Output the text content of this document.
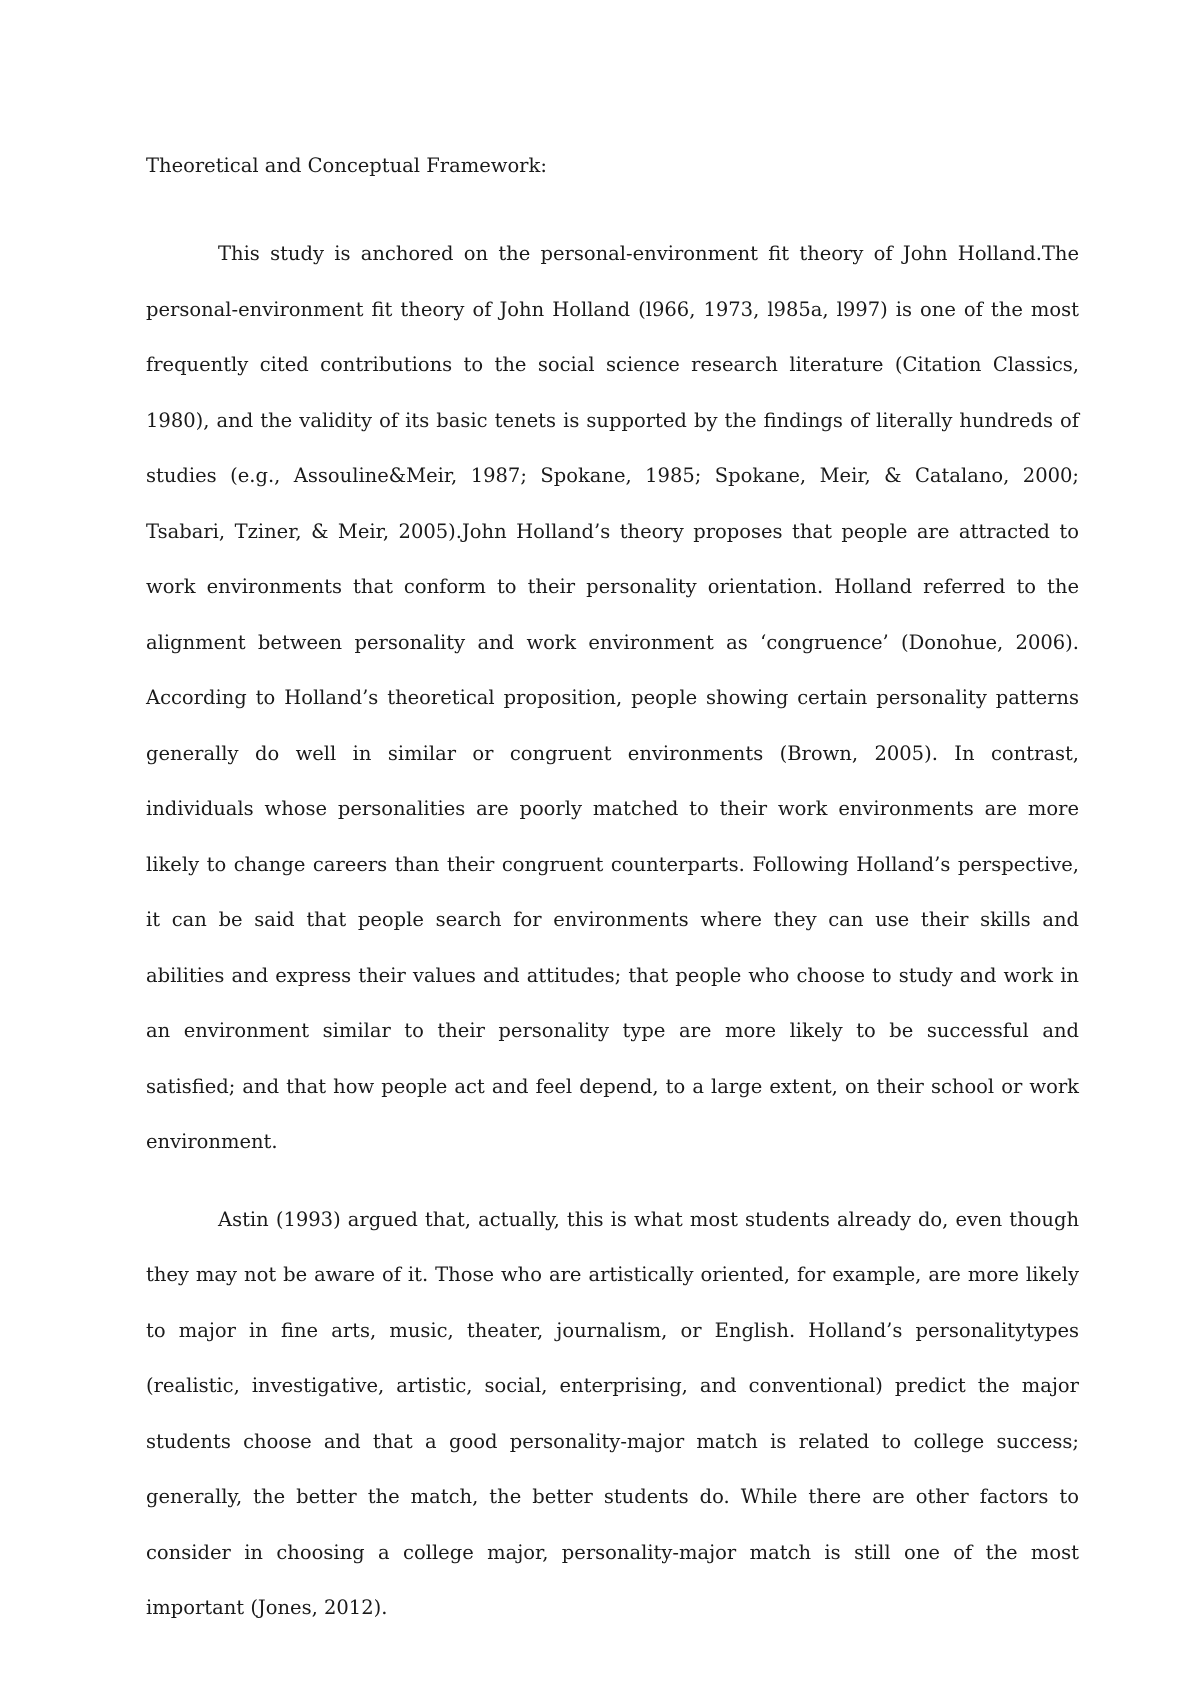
Theoretical and Conceptual Framework:

This study is anchored on the personal-environment fit theory of John Holland.The personal-environment fit theory of John Holland (l966, 1973, l985a, l997) is one of the most frequently cited contributions to the social science research literature (Citation Classics, 1980), and the validity of its basic tenets is supported by the findings of literally hundreds of studies (e.g., Assouline&Meir, 1987; Spokane, 1985; Spokane, Meir, & Catalano, 2000; Tsabari, Tziner, & Meir, 2005).John Holland’s theory proposes that people are attracted to work environments that conform to their personality orientation. Holland referred to the alignment between personality and work environment as ‘congruence’ (Donohue, 2006). According to Holland’s theoretical proposition, people showing certain personality patterns generally do well in similar or congruent environments (Brown, 2005). In contrast, individuals whose personalities are poorly matched to their work environments are more likely to change careers than their congruent counterparts. Following Holland’s perspective, it can be said that people search for environments where they can use their skills and abilities and express their values and attitudes; that people who choose to study and work in an environment similar to their personality type are more likely to be successful and satisfied; and that how people act and feel depend, to a large extent, on their school or work environment.

Astin (1993) argued that, actually, this is what most students already do, even though they may not be aware of it. Those who are artistically oriented, for example, are more likely to major in fine arts, music, theater, journalism, or English. Holland’s personalitytypes (realistic, investigative, artistic, social, enterprising, and conventional) predict the major students choose and that a good personality-major match is related to college success; generally, the better the match, the better students do. While there are other factors to consider in choosing a college major, personality-major match is still one of the most important (Jones, 2012).
